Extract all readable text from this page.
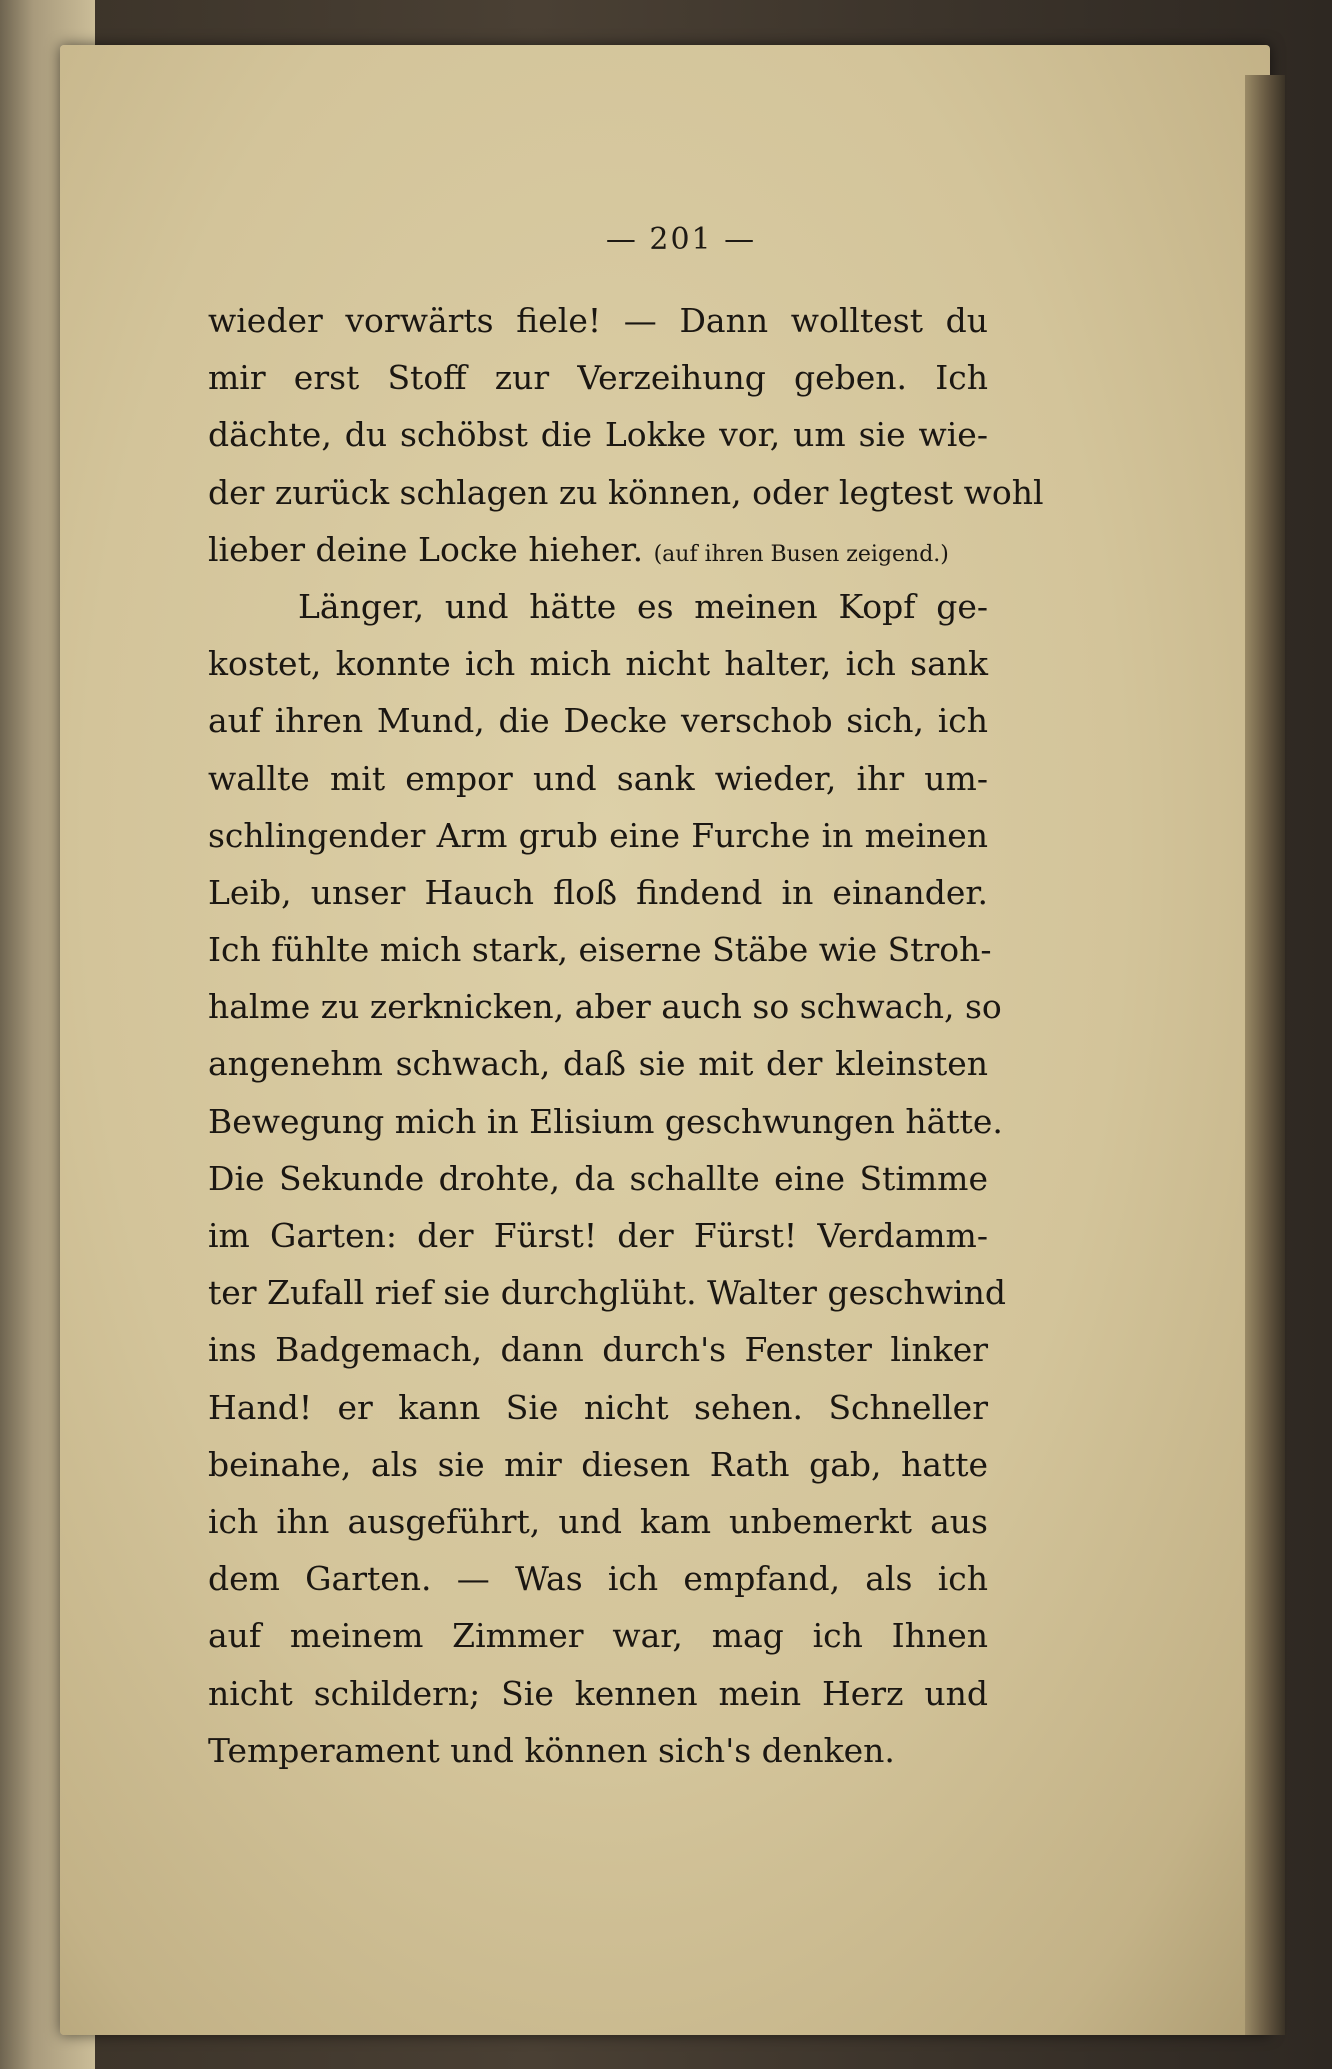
— 201 —
wieder vorwärts fiele! — Dann wolltest du
mir erst Stoff zur Verzeihung geben. Ich
dächte, du schöbst die Lokke vor, um sie wie-
der zurück schlagen zu können, oder legtest wohl
lieber deine Locke hieher. (auf ihren Busen zeigend.)
Länger, und hätte es meinen Kopf ge-
kostet, konnte ich mich nicht halter, ich sank
auf ihren Mund, die Decke verschob sich, ich
wallte mit empor und sank wieder, ihr um-
schlingender Arm grub eine Furche in meinen
Leib, unser Hauch floß findend in einander.
Ich fühlte mich stark, eiserne Stäbe wie Stroh-
halme zu zerknicken, aber auch so schwach, so
angenehm schwach, daß sie mit der kleinsten
Bewegung mich in Elisium geschwungen hätte.
Die Sekunde drohte, da schallte eine Stimme
im Garten: der Fürst! der Fürst! Verdamm-
ter Zufall rief sie durchglüht. Walter geschwind
ins Badgemach, dann durch's Fenster linker
Hand! er kann Sie nicht sehen. Schneller
beinahe, als sie mir diesen Rath gab, hatte
ich ihn ausgeführt, und kam unbemerkt aus
dem Garten. — Was ich empfand, als ich
auf meinem Zimmer war, mag ich Ihnen
nicht schildern; Sie kennen mein Herz und
Temperament und können sich's denken.
